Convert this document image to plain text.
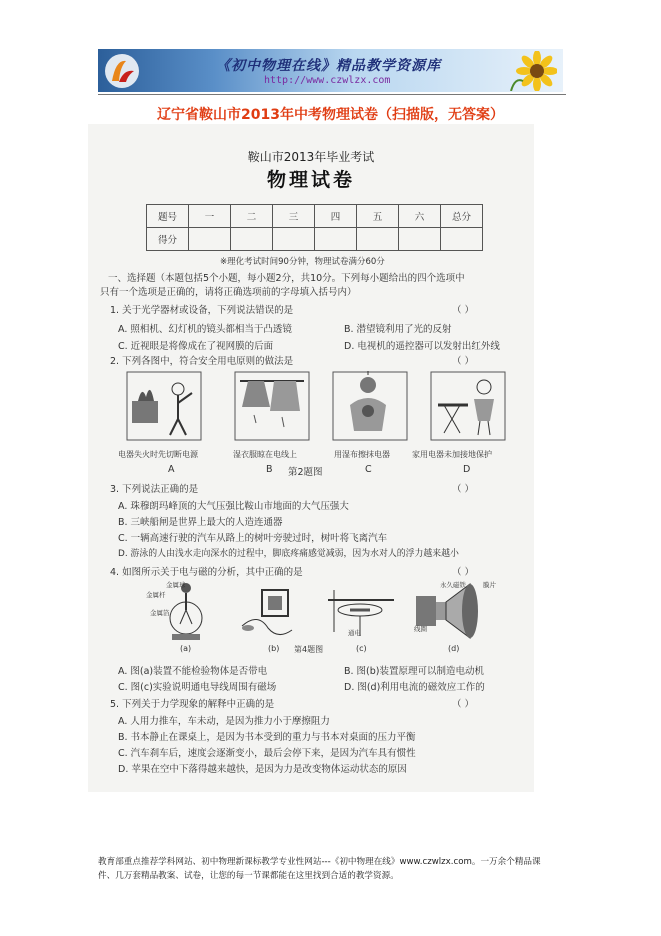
《初中物理在线》精品教学资源库
http://www.czwlzx.com
辽宁省鞍山市2013年中考物理试卷（扫描版，无答案）
鞍山市2013年毕业考试
物理试卷
题号	一	二	三	四	五	六	总分
得分							
※理化考试时间90分钟，物理试卷满分60分
一、选择题（本题包括5个小题，每小题2分，共10分。下列每小题给出的四个选项中
只有一个选项是正确的，请将正确选项前的字母填入括号内）
1. 关于光学器材或设备，下列说法错误的是	（ ）
A. 照相机、幻灯机的镜头都相当于凸透镜	B. 潜望镜利用了光的反射
C. 近视眼是将像成在了视网膜的后面	D. 电视机的遥控器可以发射出红外线
2. 下列各图中，符合安全用电原则的做法是	（ ）
电器失火时先切断电源	湿衣服晾在电线上	用湿布擦抹电器	家用电器未加接地保护
A	B	C	D
第2题图
3. 下列说法正确的是	（ ）
A. 珠穆朗玛峰顶的大气压强比鞍山市地面的大气压强大
B. 三峡船闸是世界上最大的人造连通器
C. 一辆高速行驶的汽车从路上的树叶旁驶过时，树叶将飞离汽车
D. 游泳的人由浅水走向深水的过程中，脚底疼痛感觉减弱，因为水对人的浮力越来越小
4. 如图所示关于电与磁的分析，其中正确的是	（ ）
金属球
金属杆
金属箔
永久磁铁	膜片
线圈
通电
(a)	(b)	(c)	(d)
第4题图
A. 图(a)装置不能检验物体是否带电	B. 图(b)装置原理可以制造电动机
C. 图(c)实验说明通电导线周围有磁场	D. 图(d)利用电流的磁效应工作的
5. 下列关于力学现象的解释中正确的是	（ ）
A. 人用力推车，车未动，是因为推力小于摩擦阻力
B. 书本静止在课桌上，是因为书本受到的重力与书本对桌面的压力平衡
C. 汽车刹车后，速度会逐渐变小，最后会停下来，是因为汽车具有惯性
D. 苹果在空中下落得越来越快，是因为力是改变物体运动状态的原因
教育部重点推荐学科网站、初中物理新课标教学专业性网站---《初中物理在线》www.czwlzx.com。一万余个精品课
件、几万套精品教案、试卷，让您的每一节课都能在这里找到合适的教学资源。
